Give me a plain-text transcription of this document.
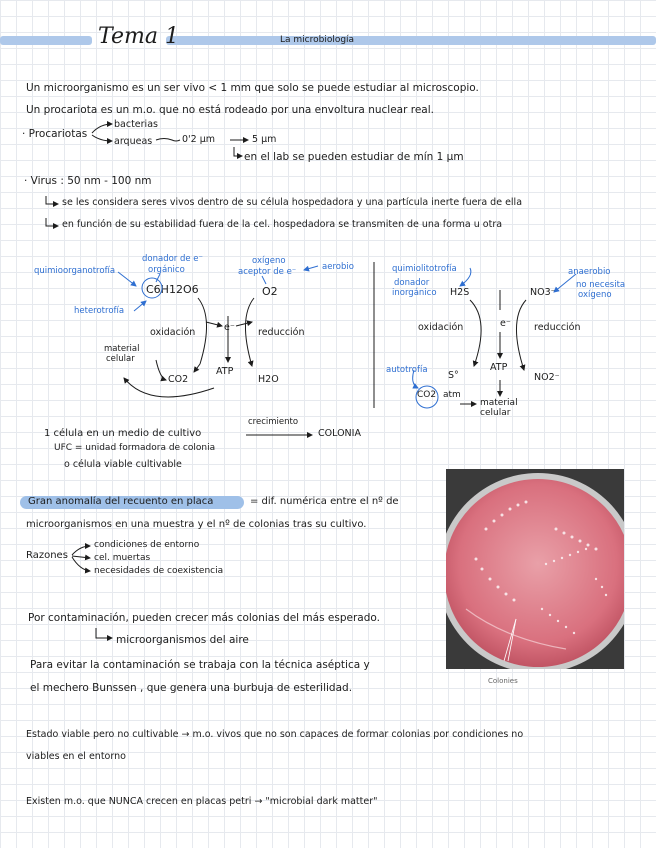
Tema 1	La microbiología
Un microorganismo es un ser vivo < 1 mm que solo se puede estudiar al microscopio.
Un procariota es un m.o. que no está rodeado por una envoltura nuclear real.
· Procariotas
bacterias
arqueas	0'2 µm	5 µm
en el lab se pueden estudiar de mín 1 µm
· Virus : 50 nm - 100 nm
se les considera seres vivos dentro de su célula hospedadora y una partícula inerte fuera de ella
en función de su estabilidad fuera de la cel. hospedadora se transmiten de una forma u otra
quimioorganotrofía
donador de e⁻
orgánico
oxígeno
aceptor de e⁻	aerobio
C6H12O6	O2
heterotrofía
oxidación	e⁻ reducción
material
celular
CO2
ATP
H2O
quimiolitotrofía
donador
inorgánico H2S	NO3⁻
anaerobio
no necesita
oxígeno
oxidación	e⁻ reducción
autotrofía S°
ATP
NO2⁻
CO2 atm
material
celular
1 célula en un medio de cultivo
crecimiento
COLONIA
UFC = unidad formadora de colonia
o célula viable cultivable
Gran anomalía del recuento en placa	= dif. numérica entre el nº de
microorganismos en una muestra y el nº de colonias tras su cultivo.
Razones
condiciones de entorno
cel. muertas
necesidades de coexistencia
Por contaminación, pueden crecer más colonias del más esperado.
microorganismos del aire
Para evitar la contaminación se trabaja con la técnica aséptica y
el mechero Bunssen , que genera una burbuja de esterilidad.
Colonies
Estado viable pero no cultivable → m.o. vivos que no son capaces de formar colonias por condiciones no
viables en el entorno
Existen m.o. que NUNCA crecen en placas petri → "microbial dark matter"
